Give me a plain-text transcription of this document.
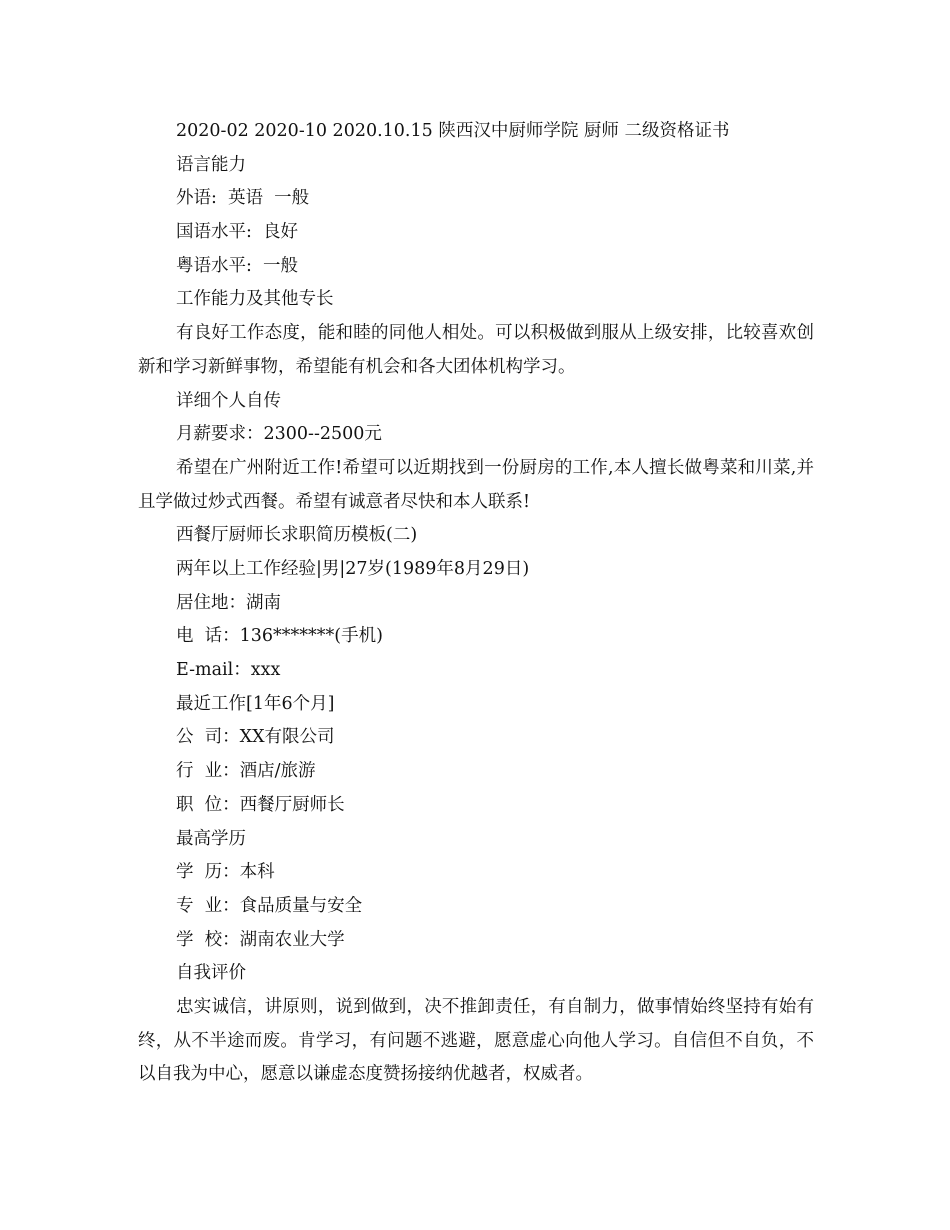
2020-02 2020-10 2020.10.15 陕西汉中厨师学院 厨师 二级资格证书
语言能力
外语:  英语  一般
国语水平:  良好
粤语水平:  一般
工作能力及其他专长

有良好工作态度，能和睦的同他人相处。可以积极做到服从上级安排，比较喜欢创新和学习新鲜事物，希望能有机会和各大团体机构学习。

详细个人自传
月薪要求：2300--2500元

希望在广州附近工作!希望可以近期找到一份厨房的工作,本人擅长做粤菜和川菜,并且学做过炒式西餐。希望有诚意者尽快和本人联系!

西餐厅厨师长求职简历模板(二)
两年以上工作经验|男|27岁(1989年8月29日)
居住地：湖南
电  话：136*******(手机)
E-mail：xxx
最近工作[1年6个月]
公  司：XX有限公司
行  业：酒店/旅游
职  位：西餐厅厨师长
最高学历
学  历：本科
专  业：食品质量与安全
学  校：湖南农业大学
自我评价

忠实诚信，讲原则，说到做到，决不推卸责任，有自制力，做事情始终坚持有始有终，从不半途而废。肯学习，有问题不逃避，愿意虚心向他人学习。自信但不自负，不以自我为中心，愿意以谦虚态度赞扬接纳优越者，权威者。
